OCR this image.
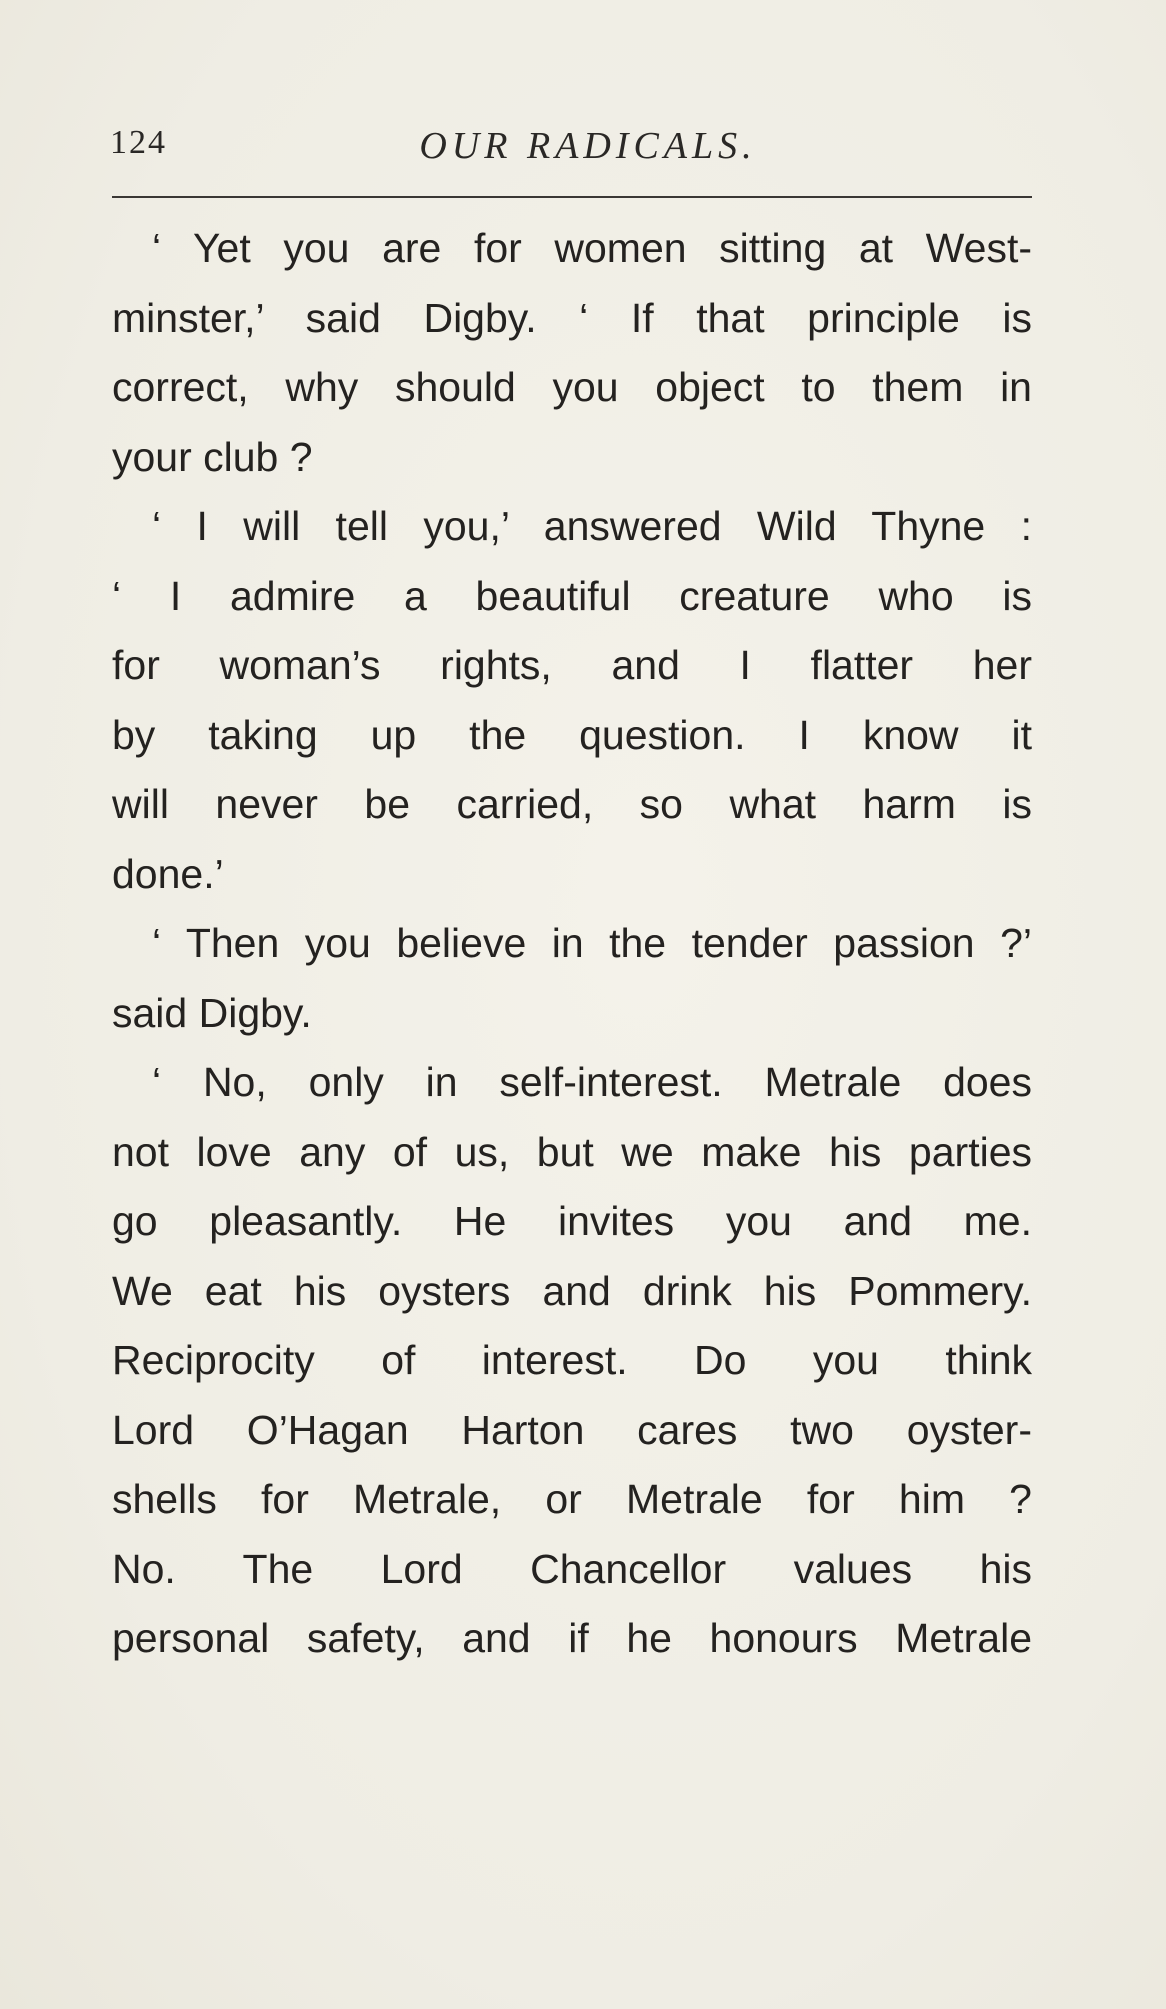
124	OUR RADICALS.
‘ Yet you are for women sitting at West-
minster,’ said Digby. ‘ If that principle is
correct, why should you object to them in
your club ?
‘ I will tell you,’ answered Wild Thyne :
‘ I admire a beautiful creature who is
for woman’s rights, and I flatter her
by taking up the question. I know it
will never be carried, so what harm is
done.’
‘ Then you believe in the tender passion ?’
said Digby.
‘ No, only in self-interest. Metrale does
not love any of us, but we make his parties
go pleasantly. He invites you and me.
We eat his oysters and drink his Pommery.
Reciprocity of interest. Do you think
Lord O’Hagan Harton cares two oyster-
shells for Metrale, or Metrale for him ?
No. The Lord Chancellor values his
personal safety, and if he honours Metrale
